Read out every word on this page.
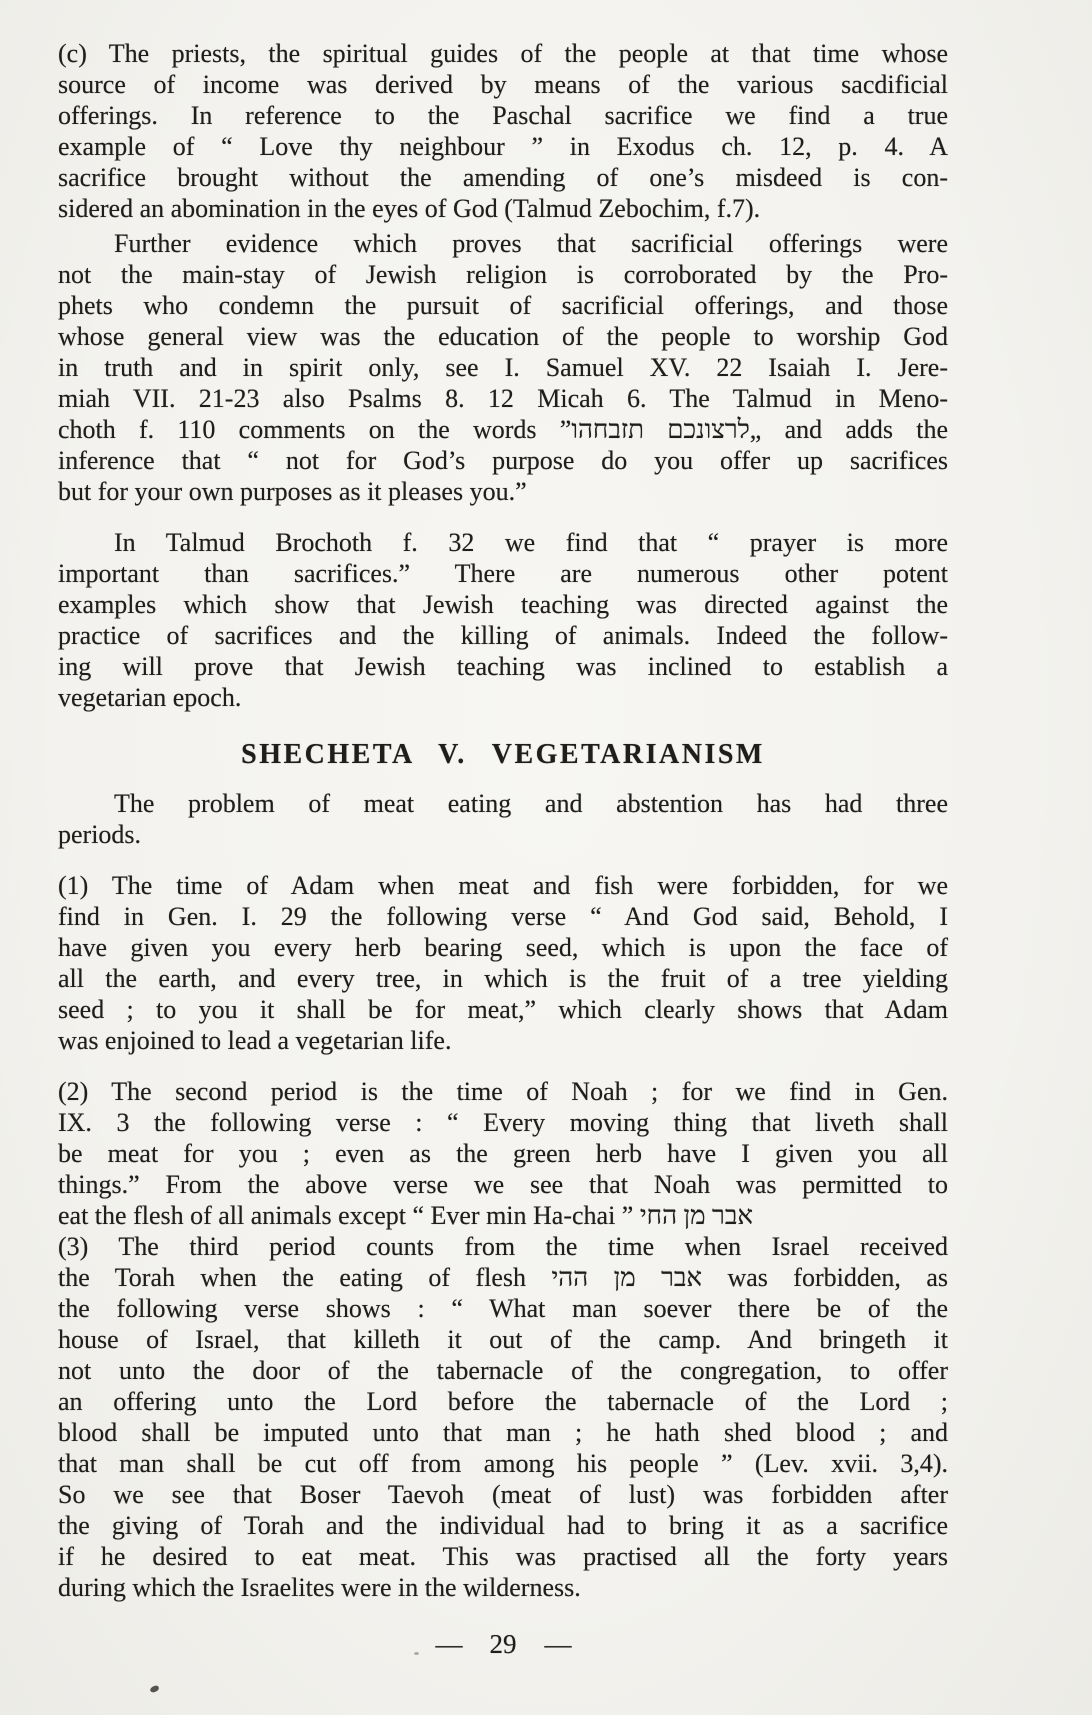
(c) The priests, the spiritual guides of the people at that time whose
source of income was derived by means of the various sacdificial
offerings. In reference to the Paschal sacrifice we find a true
example of “ Love thy neighbour ” in Exodus ch. 12, p. 4. A
sacrifice brought without the amending of one’s misdeed is con-
sidered an abomination in the eyes of God (Talmud Zebochim, f.7).
Further evidence which proves that sacrificial offerings were
not the main-stay of Jewish religion is corroborated by the Pro-
phets who condemn the pursuit of sacrificial offerings, and those
whose general view was the education of the people to worship God
in truth and in spirit only, see I. Samuel XV. 22 Isaiah I. Jere-
miah VII. 21-23 also Psalms 8. 12 Micah 6. The Talmud in Meno-
choth f. 110 comments on the words ”לרצונכם תזבחהו„ and adds the
inference that “ not for God’s purpose do you offer up sacrifices
but for your own purposes as it pleases you.”
In Talmud Brochoth f. 32 we find that “ prayer is more
important than sacrifices.” There are numerous other potent
examples which show that Jewish teaching was directed against the
practice of sacrifices and the killing of animals. Indeed the follow-
ing will prove that Jewish teaching was inclined to establish a
vegetarian epoch.
SHECHETA V. VEGETARIANISM
The problem of meat eating and abstention has had three
periods.
(1) The time of Adam when meat and fish were forbidden, for we
find in Gen. I. 29 the following verse “ And God said, Behold, I
have given you every herb bearing seed, which is upon the face of
all the earth, and every tree, in which is the fruit of a tree yielding
seed ; to you it shall be for meat,” which clearly shows that Adam
was enjoined to lead a vegetarian life.
(2) The second period is the time of Noah ; for we find in Gen.
IX. 3 the following verse : “ Every moving thing that liveth shall
be meat for you ; even as the green herb have I given you all
things.” From the above verse we see that Noah was permitted to
eat the flesh of all animals except “ Ever min Ha-chai ” אבר מן החי
(3) The third period counts from the time when Israel received
the Torah when the eating of flesh אבר מן ההי was forbidden, as
the following verse shows : “ What man soever there be of the
house of Israel, that killeth it out of the camp. And bringeth it
not unto the door of the tabernacle of the congregation, to offer
an offering unto the Lord before the tabernacle of the Lord ;
blood shall be imputed unto that man ; he hath shed blood ; and
that man shall be cut off from among his people ” (Lev. xvii. 3,4).
So we see that Boser Taevoh (meat of lust) was forbidden after
the giving of Torah and the individual had to bring it as a sacrifice
if he desired to eat meat. This was practised all the forty years
during which the Israelites were in the wilderness.
— 29 —
